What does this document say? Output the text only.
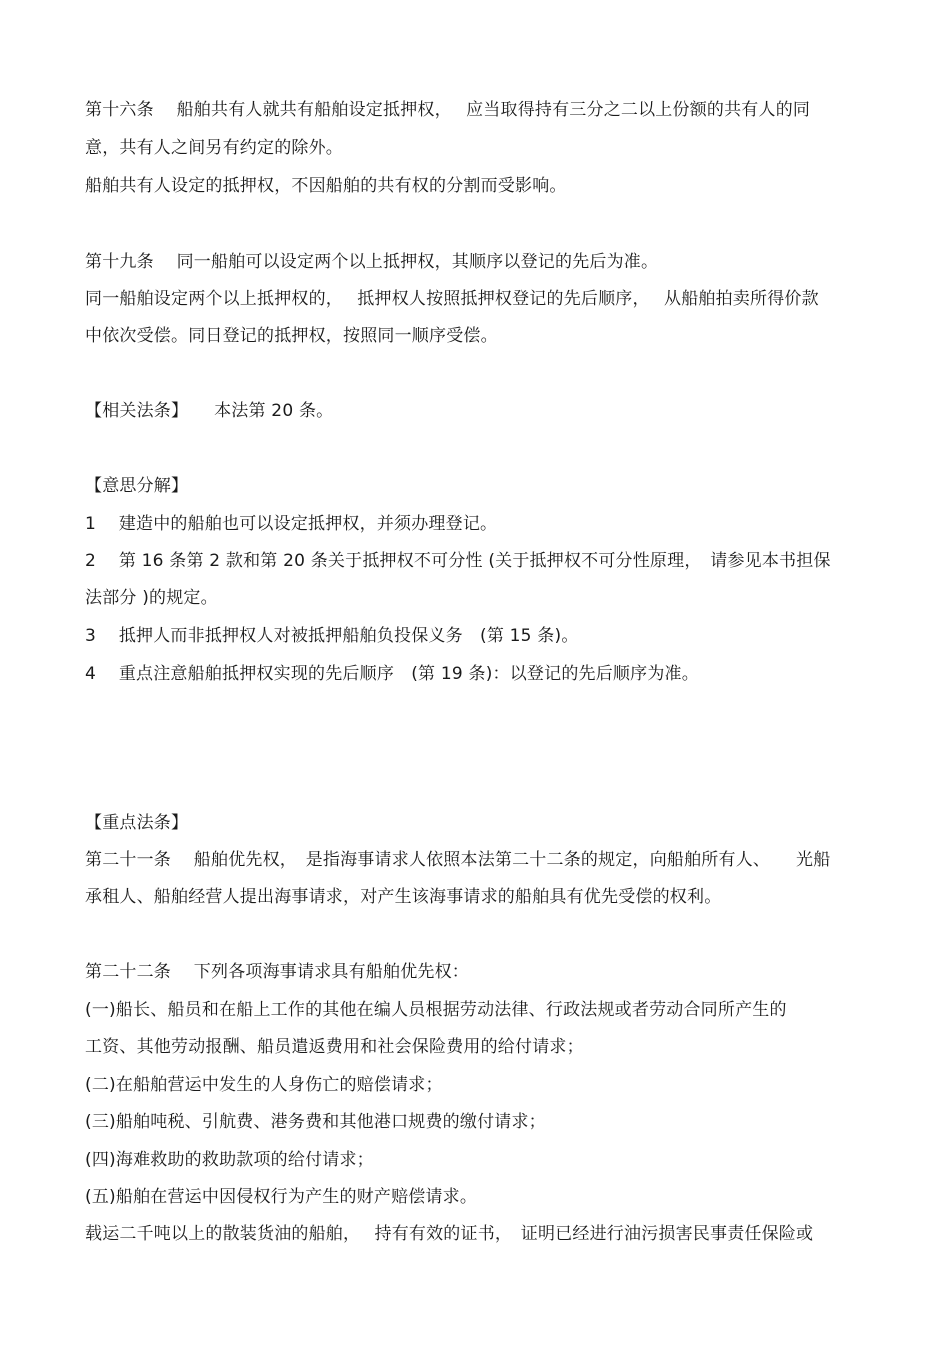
第十六条　 船舶共有人就共有船舶设定抵押权，　 应当取得持有三分之二以上份额的共有人的同
意，共有人之间另有约定的除外。
船舶共有人设定的抵押权，不因船舶的共有权的分割而受影响。
第十九条　 同一船舶可以设定两个以上抵押权，其顺序以登记的先后为准。
同一船舶设定两个以上抵押权的，　 抵押权人按照抵押权登记的先后顺序，　 从船舶拍卖所得价款
中依次受偿。同日登记的抵押权，按照同一顺序受偿。
【相关法条】　　本法第 20 条。
【意思分解】
1　 建造中的船舶也可以设定抵押权，并须办理登记。
2　 第 16 条第 2 款和第 20 条关于抵押权不可分性 (关于抵押权不可分性原理，　请参见本书担保
法部分 )的规定。
3　 抵押人而非抵押权人对被抵押船舶负投保义务　(第 15 条)。
4　 重点注意船舶抵押权实现的先后顺序　(第 19 条)：以登记的先后顺序为准。
【重点法条】
第二十一条　 船舶优先权，　是指海事请求人依照本法第二十二条的规定，向船舶所有人、　　光船
承租人、船舶经营人提出海事请求，对产生该海事请求的船舶具有优先受偿的权利。
第二十二条　 下列各项海事请求具有船舶优先权：
(一)船长、船员和在船上工作的其他在编人员根据劳动法律、行政法规或者劳动合同所产生的
工资、其他劳动报酬、船员遣返费用和社会保险费用的给付请求；
(二)在船舶营运中发生的人身伤亡的赔偿请求；
(三)船舶吨税、引航费、港务费和其他港口规费的缴付请求；
(四)海难救助的救助款项的给付请求；
(五)船舶在营运中因侵权行为产生的财产赔偿请求。
载运二千吨以上的散装货油的船舶，　 持有有效的证书，　证明已经进行油污损害民事责任保险或
